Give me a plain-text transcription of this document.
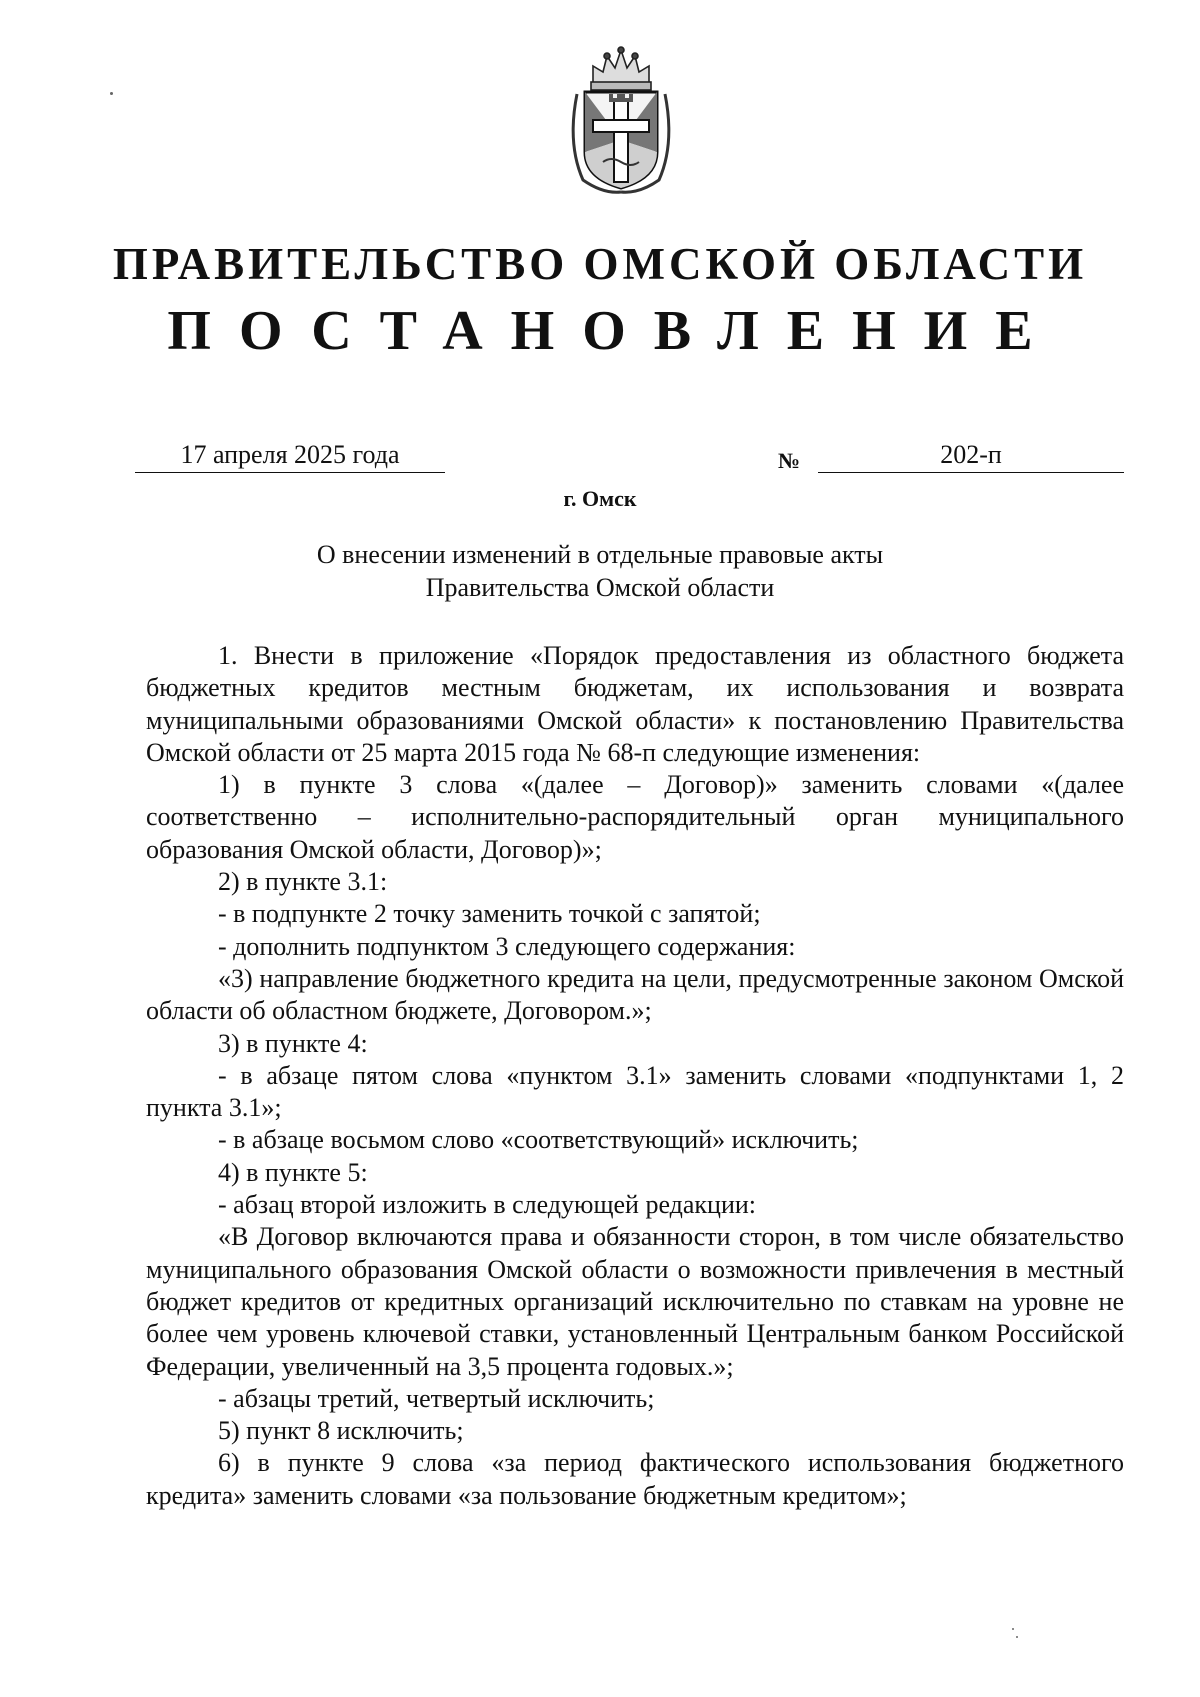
ПРАВИТЕЛЬСТВО ОМСКОЙ ОБЛАСТИ
ПОСТАНОВЛЕНИЕ
17 апреля 2025 года	№	202-п
г. Омск
О внесении изменений в отдельные правовые акты
Правительства Омской области

1. Внести в приложение «Порядок предоставления из областного бюджета бюджетных кредитов местным бюджетам, их использования и возврата муниципальными образованиями Омской области» к постановлению Правительства Омской области от 25 марта 2015 года № 68-п следующие изменения:

1) в пункте 3 слова «(далее – Договор)» заменить словами «(далее соответственно – исполнительно-распорядительный орган муниципального образования Омской области, Договор)»;

2) в пункте 3.1:

- в подпункте 2 точку заменить точкой с запятой;

- дополнить подпунктом 3 следующего содержания:

«3) направление бюджетного кредита на цели, предусмотренные законом Омской области об областном бюджете, Договором.»;

3) в пункте 4:

- в абзаце пятом слова «пунктом 3.1» заменить словами «подпунктами 1, 2 пункта 3.1»;

- в абзаце восьмом слово «соответствующий» исключить;

4) в пункте 5:

- абзац второй изложить в следующей редакции:

«В Договор включаются права и обязанности сторон, в том числе обязательство муниципального образования Омской области о возможности привлечения в местный бюджет кредитов от кредитных организаций исключительно по ставкам на уровне не более чем уровень ключевой ставки, установленный Центральным банком Российской Федерации, увеличенный на 3,5 процента годовых.»;

- абзацы третий, четвертый исключить;

5) пункт 8 исключить;

6) в пункте 9 слова «за период фактического использования бюджетного кредита» заменить словами «за пользование бюджетным кредитом»;
